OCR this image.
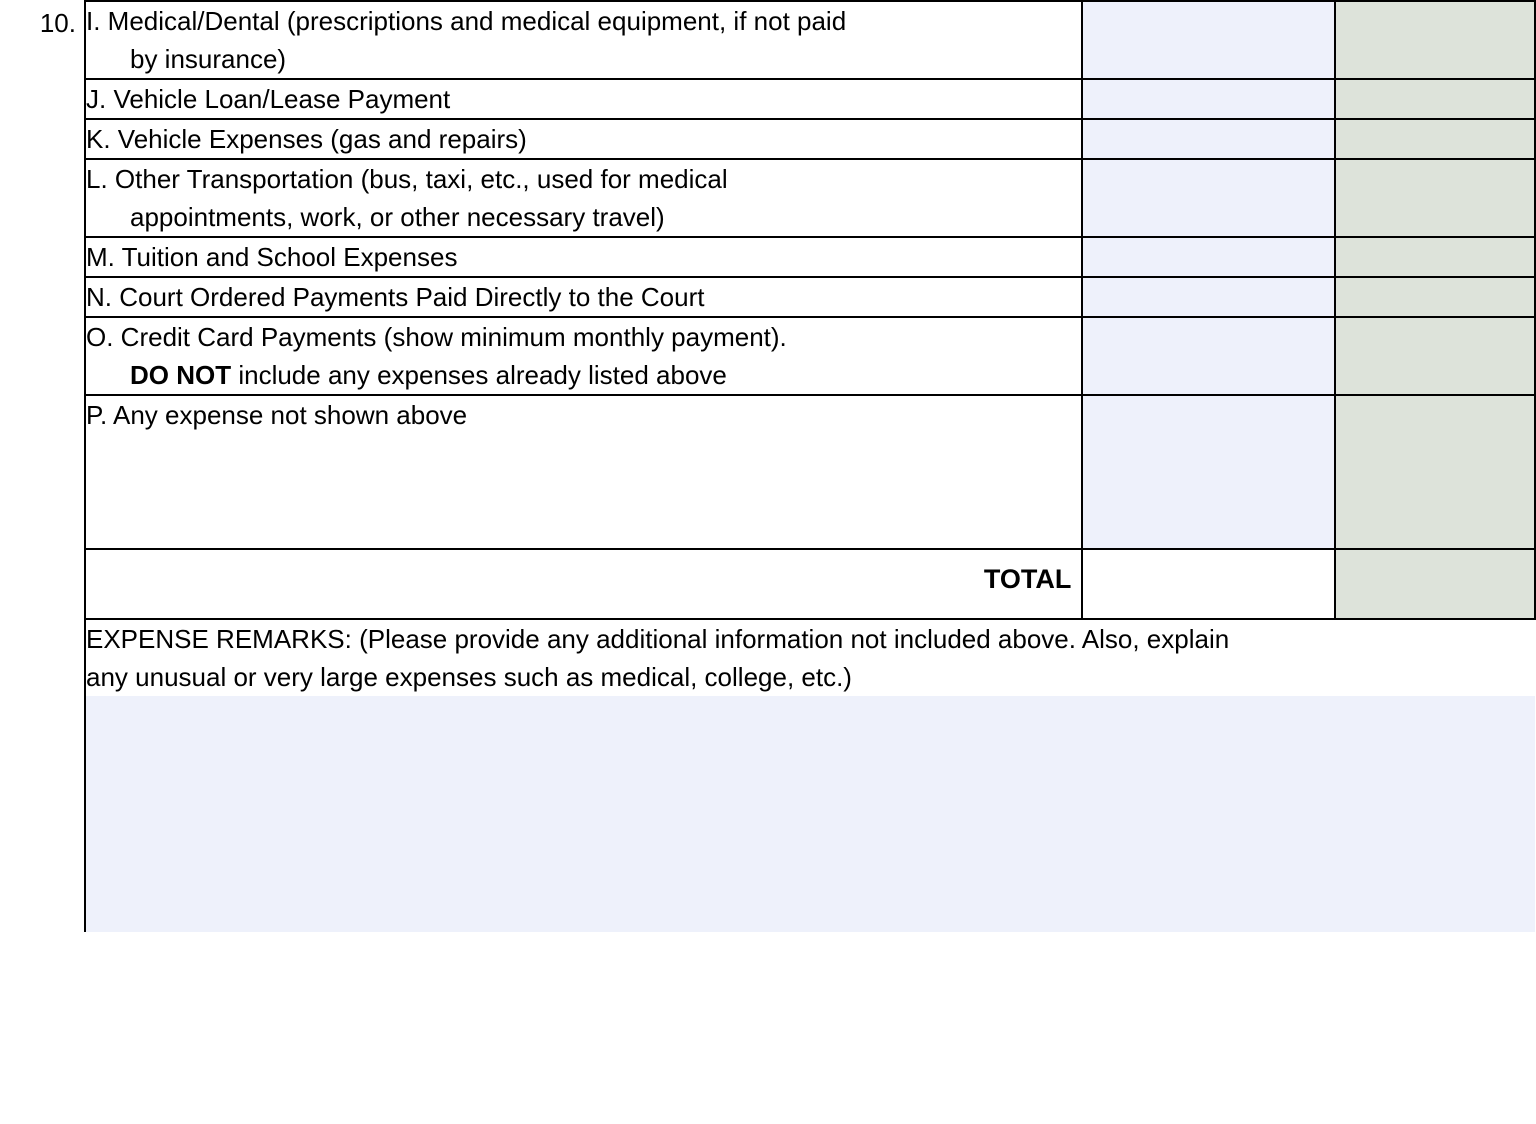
10. I. Medical/Dental (prescriptions and medical equipment, if not paid
by insurance)		

J. Vehicle Loan/Lease Payment		

K. Vehicle Expenses (gas and repairs)		

L. Other Transportation (bus, taxi, etc., used for medical
appointments, work, or other necessary travel)		

M. Tuition and School Expenses		

N. Court Ordered Payments Paid Directly to the Court		

O. Credit Card Payments (show minimum monthly payment).
DO NOT include any expenses already listed above		

P. Any expense not shown above		

TOTAL		

EXPENSE REMARKS: (Please provide any additional information not included above. Also, explain
any unusual or very large expenses such as medical, college, etc.)		
